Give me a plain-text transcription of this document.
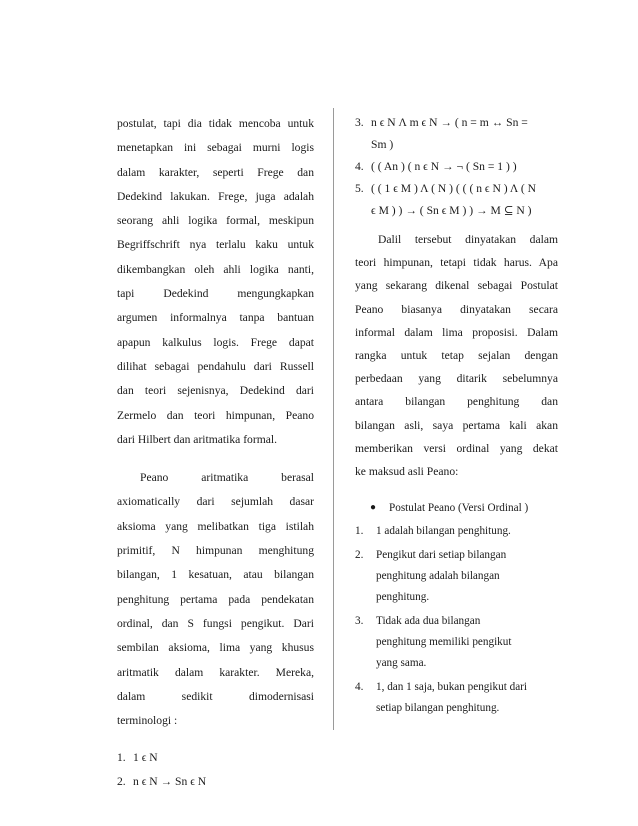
postulat, tapi dia tidak mencoba untuk

menetapkan ini sebagai murni logis

dalam karakter, seperti Frege dan

Dedekind lakukan. Frege, juga adalah

seorang ahli logika formal, meskipun

Begriffschrift nya terlalu kaku untuk

dikembangkan oleh ahli logika nanti,

tapi Dedekind mengungkapkan

argumen informalnya tanpa bantuan

apapun kalkulus logis. Frege dapat

dilihat sebagai pendahulu dari Russell

dan teori sejenisnya, Dedekind dari

Zermelo dan teori himpunan, Peano

dari Hilbert dan aritmatika formal.

Peano aritmatika berasal

axiomatically dari sejumlah dasar

aksioma yang melibatkan tiga istilah

primitif, N himpunan menghitung

bilangan, 1 kesatuan, atau bilangan

penghitung pertama pada pendekatan

ordinal, dan S fungsi pengikut. Dari

sembilan aksioma, lima yang khusus

aritmatik dalam karakter. Mereka,

dalam sedikit dimodernisasi

terminologi :

1. 1 ϵ N
2. n ϵ N → Sn ϵ N
3. n ϵ N Λ m ϵ N → ( n = m ↔ Sn =
Sm )
4. ( ( An ) ( n ϵ N → ¬ ( Sn = 1 ) )
5. ( ( 1 ϵ M ) Λ ( N ) ( ( ( n ϵ N ) Λ ( N
ϵ M ) ) → ( Sn ϵ M ) ) → M ⊆ N )

Dalil tersebut dinyatakan dalam

teori himpunan, tetapi tidak harus. Apa

yang sekarang dikenal sebagai Postulat

Peano biasanya dinyatakan secara

informal dalam lima proposisi. Dalam

rangka untuk tetap sejalan dengan

perbedaan yang ditarik sebelumnya

antara bilangan penghitung dan

bilangan asli, saya pertama kali akan

memberikan versi ordinal yang dekat

ke maksud asli Peano:

●	Postulat Peano (Versi Ordinal )
1.	1 adalah bilangan penghitung.
2.	Pengikut dari setiap bilangan
penghitung adalah bilangan
penghitung.
3.	Tidak ada dua bilangan
penghitung memiliki pengikut
yang sama.
4.	1, dan 1 saja, bukan pengikut dari
setiap bilangan penghitung.
